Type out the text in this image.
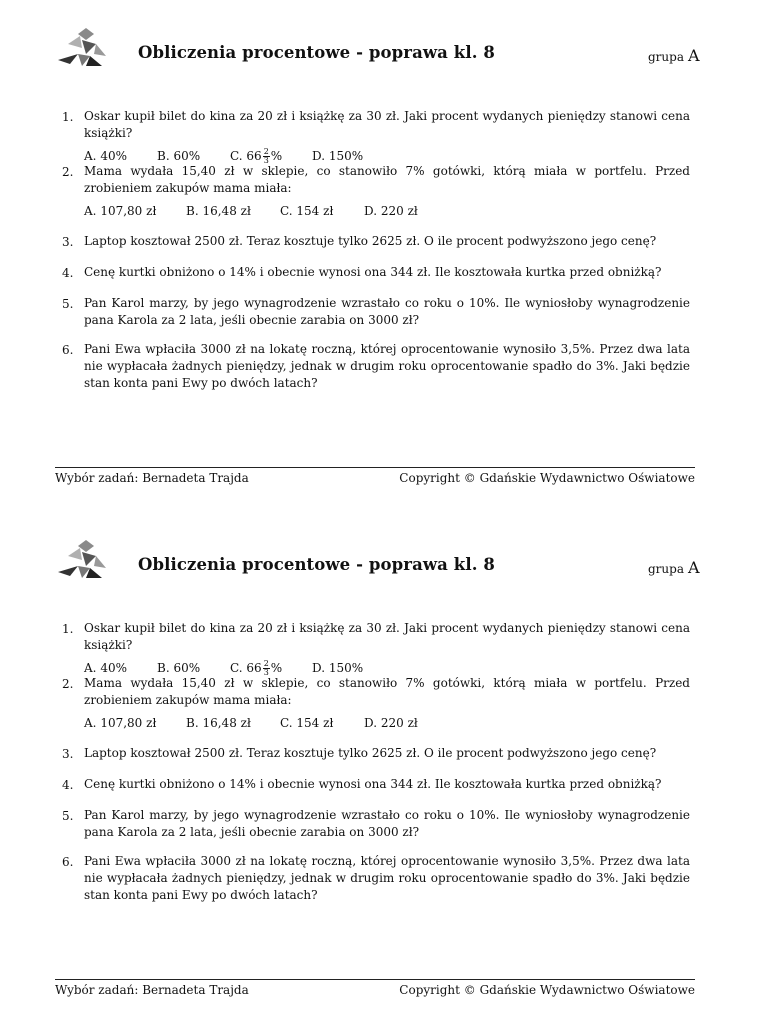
Obliczenia procentowe - poprawa kl. 8	grupa A
1. Oskar kupił bilet do kina za 20 zł i książkę za 30 zł. Jaki procent wydanych pieniędzy stanowi cena książki?
A. 40%	B. 60% C. $66 \frac{2}{3}$ % D. 150%
2. Mama wydała 15,40 zł w sklepie, co stanowiło 7% gotówki, którą miała w portfelu. Przed zrobieniem zakupów mama miała:
A. 107,80 zł B. 16,48 zł C. 154 zł	D. 220 zł
3. Laptop kosztował 2500 zł. Teraz kosztuje tylko 2625 zł. O ile procent podwyższono jego cenę?
4. Cenę kurtki obniżono o 14% i obecnie wynosi ona 344 zł. Ile kosztowała kurtka przed obniżką?
5. Pan Karol marzy, by jego wynagrodzenie wzrastało co roku o 10%. Ile wyniosłoby wynagrodzenie pana Karola za 2 lata, jeśli obecnie zarabia on 3000 zł?
6. Pani Ewa wpłaciła 3000 zł na lokatę roczną, której oprocentowanie wynosiło 3,5%. Przez dwa lata nie wypłacała żadnych pieniędzy, jednak w drugim roku oprocentowanie spadło do 3%. Jaki będzie stan konta pani Ewy po dwóch latach?
Wybór zadań: Bernadeta Trajda	Copyright © Gdańskie Wydawnictwo Oświatowe
Obliczenia procentowe - poprawa kl. 8	grupa A
1. Oskar kupił bilet do kina za 20 zł i książkę za 30 zł. Jaki procent wydanych pieniędzy stanowi cena książki?
A. 40%	B. 60% C. $66 \frac{2}{3}$ % D. 150%
2. Mama wydała 15,40 zł w sklepie, co stanowiło 7% gotówki, którą miała w portfelu. Przed zrobieniem zakupów mama miała:
A. 107,80 zł B. 16,48 zł C. 154 zł	D. 220 zł
3. Laptop kosztował 2500 zł. Teraz kosztuje tylko 2625 zł. O ile procent podwyższono jego cenę?
4. Cenę kurtki obniżono o 14% i obecnie wynosi ona 344 zł. Ile kosztowała kurtka przed obniżką?
5. Pan Karol marzy, by jego wynagrodzenie wzrastało co roku o 10%. Ile wyniosłoby wynagrodzenie pana Karola za 2 lata, jeśli obecnie zarabia on 3000 zł?
6. Pani Ewa wpłaciła 3000 zł na lokatę roczną, której oprocentowanie wynosiło 3,5%. Przez dwa lata nie wypłacała żadnych pieniędzy, jednak w drugim roku oprocentowanie spadło do 3%. Jaki będzie stan konta pani Ewy po dwóch latach?
Wybór zadań: Bernadeta Trajda	Copyright © Gdańskie Wydawnictwo Oświatowe
